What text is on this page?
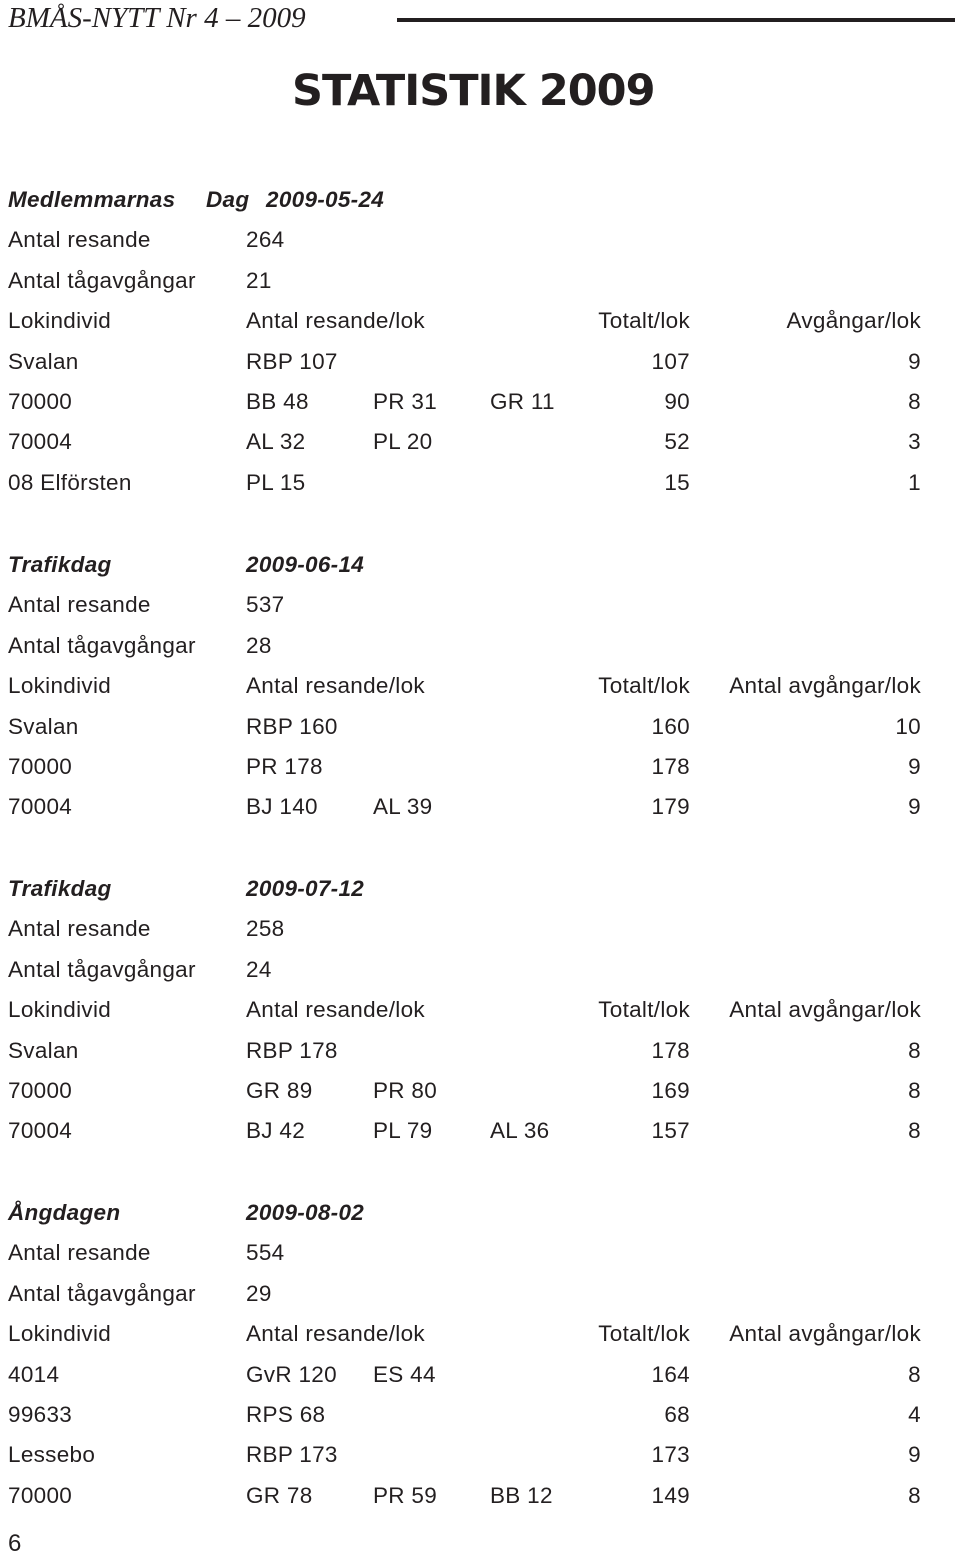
BMÅS-NYTT Nr 4 – 2009
STATISTIK 2009
Medlemmarnas Dag 2009-05-24
Antal resande	264
Antal tågavgångar 21
Lokindivid	Antal resande/lok	Totalt/lok	Avgångar/lok
Svalan	RBP 107	107	9
70000	BB 48	PR 31 GR 11	90	8
70004	AL 32	PL 20	52	3
08 Elförsten	PL 15	15	1
Trafikdag	2009-06-14
Antal resande	537
Antal tågavgångar 28
Lokindivid	Antal resande/lok	Totalt/lok Antal avgångar/lok
Svalan	RBP 160	160	10
70000	PR 178	178	9
70004	BJ 140 AL 39	179	9
Trafikdag	2009-07-12
Antal resande	258
Antal tågavgångar 24
Lokindivid	Antal resande/lok	Totalt/lok Antal avgångar/lok
Svalan	RBP 178	178	8
70000	GR 89	PR 80	169	8
70004	BJ 42	PL 79	AL 36	157	8
Ångdagen	2009-08-02
Antal resande	554
Antal tågavgångar 29
Lokindivid	Antal resande/lok	Totalt/lok Antal avgångar/lok
4014	GvR 120 ES 44	164	8
99633	RPS 68	68	4
Lessebo	RBP 173	173	9
70000	GR 78	PR 59 BB 12	149	8
6
